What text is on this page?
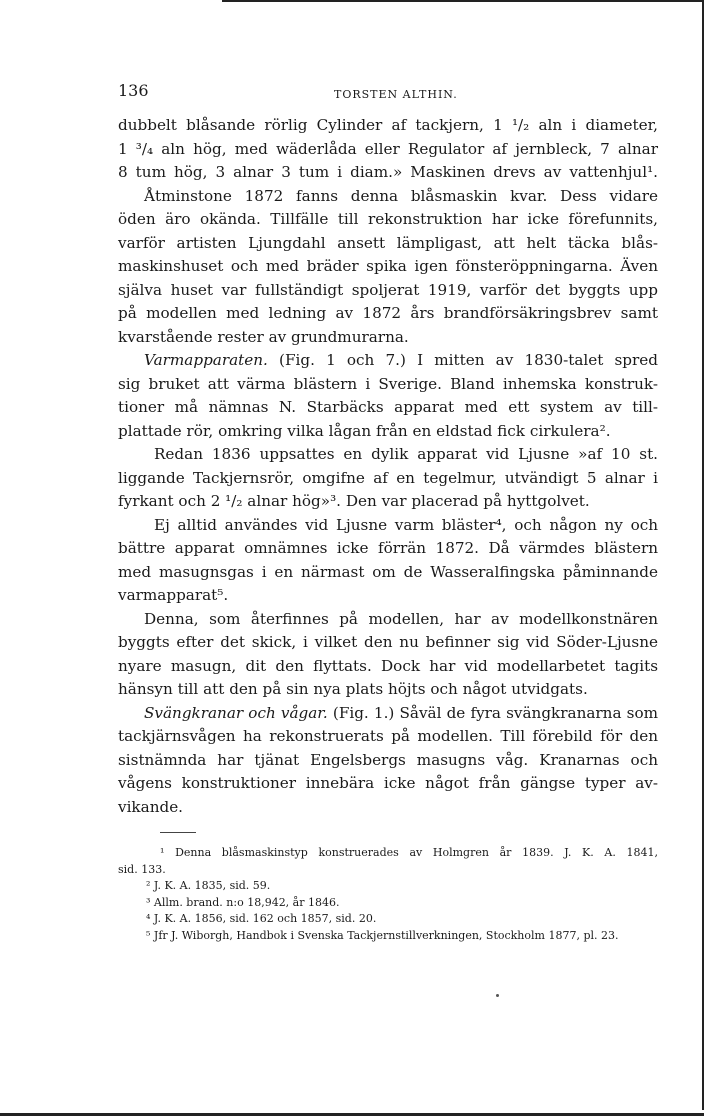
136	TORSTEN ALTHIN.
dubbelt blåsande rörlig Cylinder af tackjern, 1 ¹/₂ aln i diameter,
1 ³/₄ aln hög, med wäderlåda eller Regulator af jernbleck, 7 alnar
8 tum hög, 3 alnar 3 tum i diam.» Maskinen drevs av vattenhjul¹.
Åtminstone 1872 fanns denna blåsmaskin kvar. Dess vidare
öden äro okända. Tillfälle till rekonstruktion har icke förefunnits,
varför artisten Ljungdahl ansett lämpligast, att helt täcka blås-
maskinshuset och med bräder spika igen fönsteröppningarna. Även
själva huset var fullständigt spoljerat 1919, varför det byggts upp
på modellen med ledning av 1872 års brandförsäkringsbrev samt
kvarstående rester av grundmurarna.
Varmapparaten. (Fig. 1 och 7.) I mitten av 1830-talet spred
sig bruket att värma blästern i Sverige. Bland inhemska konstruk-
tioner må nämnas N. Starbäcks apparat med ett system av till-
plattade rör, omkring vilka lågan från en eldstad fick cirkulera².
Redan 1836 uppsattes en dylik apparat vid Ljusne »af 10 st.
liggande Tackjernsrör, omgifne af en tegelmur, utvändigt 5 alnar i
fyrkant och 2 ¹/₂ alnar hög»³. Den var placerad på hyttgolvet.
Ej alltid användes vid Ljusne varm bläster⁴, och någon ny och
bättre apparat omnämnes icke förrän 1872. Då värmdes blästern
med masugnsgas i en närmast om de Wasseralfingska påminnande
varmapparat⁵.
Denna, som återfinnes på modellen, har av modellkonstnären
byggts efter det skick, i vilket den nu befinner sig vid Söder-Ljusne
nyare masugn, dit den flyttats. Dock har vid modellarbetet tagits
hänsyn till att den på sin nya plats höjts och något utvidgats.
Svängkranar och vågar. (Fig. 1.) Såväl de fyra svängkranarna som
tackjärnsvågen ha rekonstruerats på modellen. Till förebild för den
sistnämnda har tjänat Engelsbergs masugns våg. Kranarnas och
vågens konstruktioner innebära icke något från gängse typer av-
vikande.
¹ Denna blåsmaskinstyp konstruerades av Holmgren år 1839. J. K. A. 1841,
sid. 133.
² J. K. A. 1835, sid. 59.
³ Allm. brand. n:o 18,942, år 1846.
⁴ J. K. A. 1856, sid. 162 och 1857, sid. 20.
⁵ Jfr J. Wiborgh, Handbok i Svenska Tackjernstillverkningen, Stockholm 1877, pl. 23.
